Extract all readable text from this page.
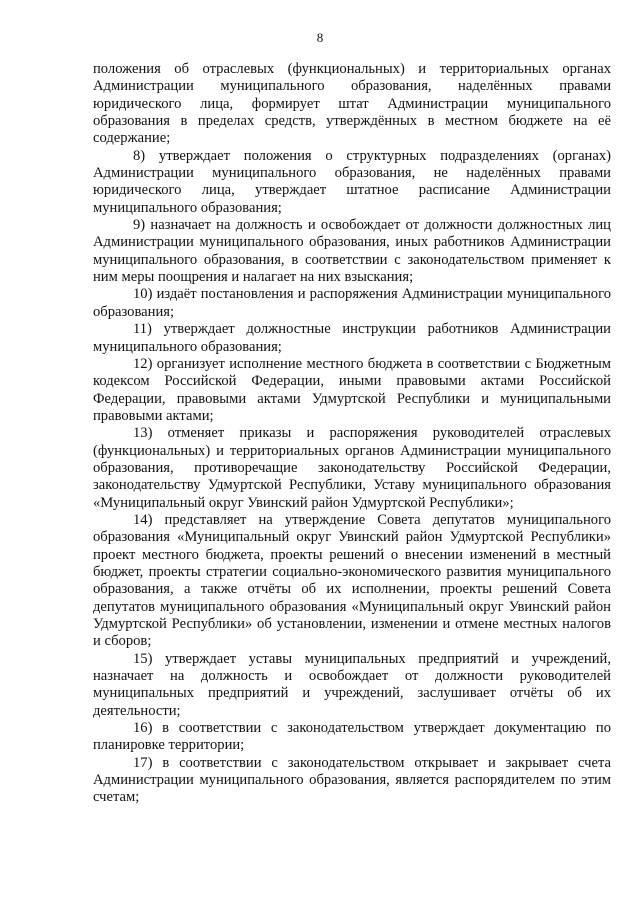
8

положения об отраслевых (функциональных) и территориальных органах Администрации муниципального образования, наделённых правами юридического лица, формирует штат Администрации муниципального образования в пределах средств, утверждённых в местном бюджете на её содержание;

8) утверждает положения о структурных подразделениях (органах) Администрации муниципального образования, не наделённых правами юридического лица, утверждает штатное расписание Администрации муниципального образования;

9) назначает на должность и освобождает от должности должностных лиц Администрации муниципального образования, иных работников Администрации муниципального образования, в соответствии с законодательством применяет к ним меры поощрения и налагает на них взыскания;

10) издаёт постановления и распоряжения Администрации муниципального образования;

11) утверждает должностные инструкции работников Администрации муниципального образования;

12) организует исполнение местного бюджета в соответствии с Бюджетным кодексом Российской Федерации, иными правовыми актами Российской Федерации, правовыми актами Удмуртской Республики и муниципальными правовыми актами;

13) отменяет приказы и распоряжения руководителей отраслевых (функциональных) и территориальных органов Администрации муниципального образования, противоречащие законодательству Российской Федерации, законодательству Удмуртской Республики, Уставу муниципального образования «Муниципальный округ Увинский район Удмуртской Республики»;

14) представляет на утверждение Совета депутатов муниципального образования «Муниципальный округ Увинский район Удмуртской Республики» проект местного бюджета, проекты решений о внесении изменений в местный бюджет, проекты стратегии социально-экономического развития муниципального образования, а также отчёты об их исполнении, проекты решений Совета депутатов муниципального образования «Муниципальный округ Увинский район Удмуртской Республики» об установлении, изменении и отмене местных налогов и сборов;

15) утверждает уставы муниципальных предприятий и учреждений, назначает на должность и освобождает от должности руководителей муниципальных предприятий и учреждений, заслушивает отчёты об их деятельности;

16) в соответствии с законодательством утверждает документацию по планировке территории;

17) в соответствии с законодательством открывает и закрывает счета Администрации муниципального образования, является распорядителем по этим счетам;
